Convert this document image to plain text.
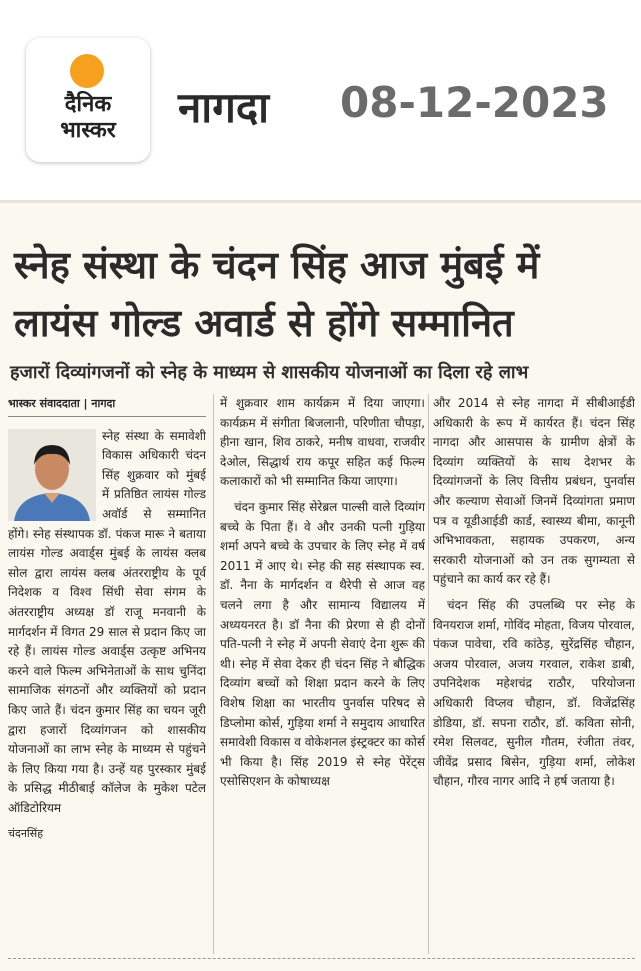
दैनिक
भास्कर	नागदा 08-12-2023
स्नेह संस्था के चंदन सिंह आज मुंबई में लायंस गोल्ड अवार्ड से होंगे सम्मानित
हजारों दिव्यांगजनों को स्नेह के माध्यम से शासकीय योजनाओं का दिला रहे लाभ
भास्कर संवाददाता | नागदा
स्नेह संस्था के समावेशी विकास अधिकारी चंदन सिंह शुक्रवार को मुंबई में प्रतिष्ठित लायंस गोल्ड अवॉर्ड से सम्मानित होंगे। स्नेह संस्थापक डॉ. पंकज मारू ने बताया लायंस गोल्ड अवार्ड्स मुंबई के लायंस क्लब सोल द्वारा लायंस क्लब अंतरराष्ट्रीय के पूर्व निदेशक व विश्व सिंधी सेवा संगम के अंतरराष्ट्रीय अध्यक्ष डॉ राजू मनवानी के मार्गदर्शन में विगत 29 साल से प्रदान किए जा रहे हैं। लायंस गोल्ड अवार्ड्स उत्कृष्ट अभिनय करने वाले फिल्म अभिनेताओं के साथ चुनिंदा सामाजिक संगठनों और व्यक्तियों को प्रदान किए जाते हैं। चंदन कुमार सिंह का चयन जूरी द्वारा हजारों दिव्यांगजन को शासकीय योजनाओं का लाभ स्नेह के माध्यम से पहुंचने के लिए किया गया है। उन्हें यह पुरस्कार मुंबई के प्रसिद्ध मीठीबाई कॉलेज के मुकेश पटेल ऑडिटोरियम
चंदनसिंह
में शुक्रवार शाम कार्यक्रम में दिया जाएगा। कार्यक्रम में संगीता बिजलानी, परिणीता चौपड़ा, हीना खान, शिव ठाकरे, मनीष वाधवा, राजवीर देओल, सिद्धार्थ राय कपूर सहित कई फिल्म कलाकारों को भी सम्मानित किया जाएगा।
चंदन कुमार सिंह सेरेब्रल पाल्सी वाले दिव्यांग बच्चे के पिता हैं। वे और उनकी पत्नी गुड़िया शर्मा अपने बच्चे के उपचार के लिए स्नेह में वर्ष 2011 में आए थे। स्नेह की सह संस्थापक स्व. डॉ. नैना के मार्गदर्शन व थैरेपी से आज वह चलने लगा है और सामान्य विद्यालय में अध्ययनरत है। डॉ नैना की प्रेरणा से ही दोनों पति-पत्नी ने स्नेह में अपनी सेवाएं देना शुरू की थी। स्नेह में सेवा देकर ही चंदन सिंह ने बौद्धिक दिव्यांग बच्चों को शिक्षा प्रदान करने के लिए विशेष शिक्षा का भारतीय पुनर्वास परिषद से डिप्लोमा कोर्स, गुड़िया शर्मा ने समुदाय आधारित समावेशी विकास व वोकेशनल इंस्ट्रक्टर का कोर्स भी किया है। सिंह 2019 से स्नेह पेरेंट्स एसोसिएशन के कोषाध्यक्ष
और 2014 से स्नेह नागदा में सीबीआईडी अधिकारी के रूप में कार्यरत हैं। चंदन सिंह नागदा और आसपास के ग्रामीण क्षेत्रों के दिव्यांग व्यक्तियों के साथ देशभर के दिव्यांगजनों के लिए वित्तीय प्रबंधन, पुनर्वास और कल्याण सेवाओं जिनमें दिव्यांगता प्रमाण पत्र व यूडीआईडी कार्ड, स्वास्थ्य बीमा, कानूनी अभिभावकता, सहायक उपकरण, अन्य सरकारी योजनाओं को उन तक सुगम्यता से पहुंचाने का कार्य कर रहे हैं।
चंदन सिंह की उपलब्धि पर स्नेह के विनयराज शर्मा, गोविंद मोहता, विजय पोरवाल, पंकज पावेचा, रवि कांठेड़, सुरेंद्रसिंह चौहान, अजय पोरवाल, अजय गरवाल, राकेश डाबी, उपनिदेशक महेशचंद्र राठौर, परियोजना अधिकारी विप्लव चौहान, डॉ. विजेंद्रसिंह डोडिया, डॉ. सपना राठौर, डॉ. कविता सोनी, रमेश सिलवट, सुनील गौतम, रंजीता तंवर, जीवेंद्र प्रसाद बिसेन, गुड़िया शर्मा, लोकेश चौहान, गौरव नागर आदि ने हर्ष जताया है।
